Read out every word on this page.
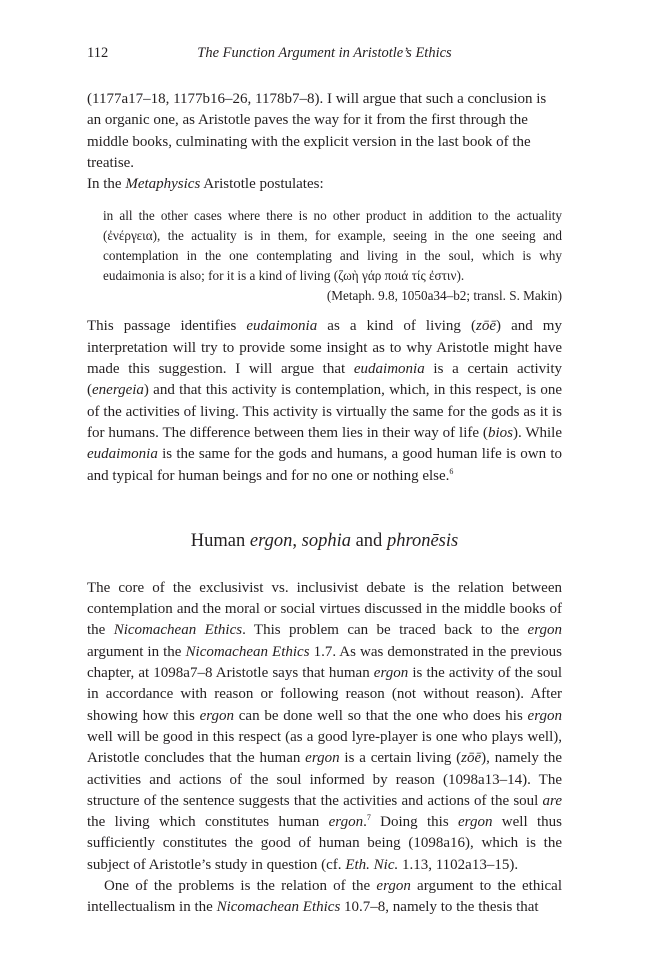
112	The Function Argument in Aristotle’s Ethics

(1177a17–18, 1177b16–26, 1178b7–8). I will argue that such a conclusion is an organic one, as Aristotle paves the way for it from the first through the middle books, culminating with the explicit version in the last book of the treatise.

In the Metaphysics Aristotle postulates:

in all the other cases where there is no other product in addition to the actuality (ἐνέργεια), the actuality is in them, for example, seeing in the one seeing and contemplation in the one contemplating and living in the soul, which is why eudaimonia is also; for it is a kind of living (ζωὴ γάρ ποιά τίς ἐστιν).
(Metaph. 9.8, 1050a34–b2; transl. S. Makin)

This passage identifies eudaimonia as a kind of living (zōē) and my interpretation will try to provide some insight as to why Aristotle might have made this suggestion. I will argue that eudaimonia is a certain activity (energeia) and that this activity is contemplation, which, in this respect, is one of the activities of living. This activity is virtually the same for the gods as it is for humans. The difference between them lies in their way of life (bios). While eudaimonia is the same for the gods and humans, a good human life is own to and typical for human beings and for no one or nothing else.$^6$

Human ergon, sophia and phronēsis

The core of the exclusivist vs. inclusivist debate is the relation between contemplation and the moral or social virtues discussed in the middle books of the Nicomachean Ethics. This problem can be traced back to the ergon argument in the Nicomachean Ethics 1.7. As was demonstrated in the previous chapter, at 1098a7–8 Aristotle says that human ergon is the activity of the soul in accordance with reason or following reason (not without reason). After showing how this ergon can be done well so that the one who does his ergon well will be good in this respect (as a good lyre-player is one who plays well), Aristotle concludes that the human ergon is a certain living (zōē), namely the activities and actions of the soul informed by reason (1098a13–14). The structure of the sentence suggests that the activities and actions of the soul are the living which constitutes human ergon.$^7$ Doing this ergon well thus sufficiently constitutes the good of human being (1098a16), which is the subject of Aristotle’s study in question (cf. Eth. Nic. 1.13, 1102a13–15).

One of the problems is the relation of the ergon argument to the ethical intellectualism in the Nicomachean Ethics 10.7–8, namely to the thesis that
